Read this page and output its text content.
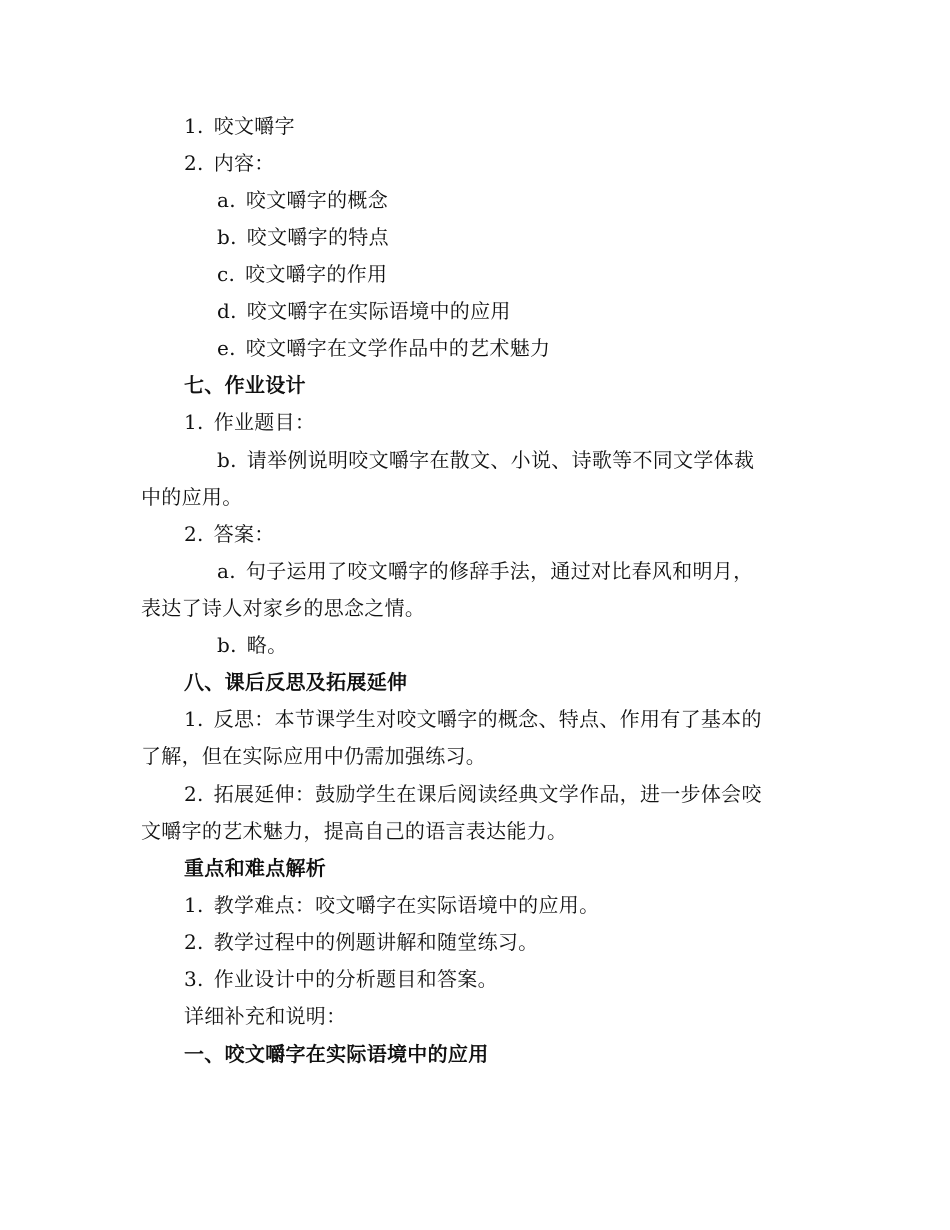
1. 咬文嚼字
2. 内容：
a. 咬文嚼字的概念
b. 咬文嚼字的特点
c. 咬文嚼字的作用
d. 咬文嚼字在实际语境中的应用
e. 咬文嚼字在文学作品中的艺术魅力
七、作业设计
1. 作业题目：
b. 请举例说明咬文嚼字在散文、小说、诗歌等不同文学体裁
中的应用。
2. 答案：
a. 句子运用了咬文嚼字的修辞手法，通过对比春风和明月，
表达了诗人对家乡的思念之情。
b. 略。
八、课后反思及拓展延伸
1. 反思：本节课学生对咬文嚼字的概念、特点、作用有了基本的
了解，但在实际应用中仍需加强练习。
2. 拓展延伸：鼓励学生在课后阅读经典文学作品，进一步体会咬
文嚼字的艺术魅力，提高自己的语言表达能力。
重点和难点解析
1. 教学难点：咬文嚼字在实际语境中的应用。
2. 教学过程中的例题讲解和随堂练习。
3. 作业设计中的分析题目和答案。
详细补充和说明：
一、咬文嚼字在实际语境中的应用
